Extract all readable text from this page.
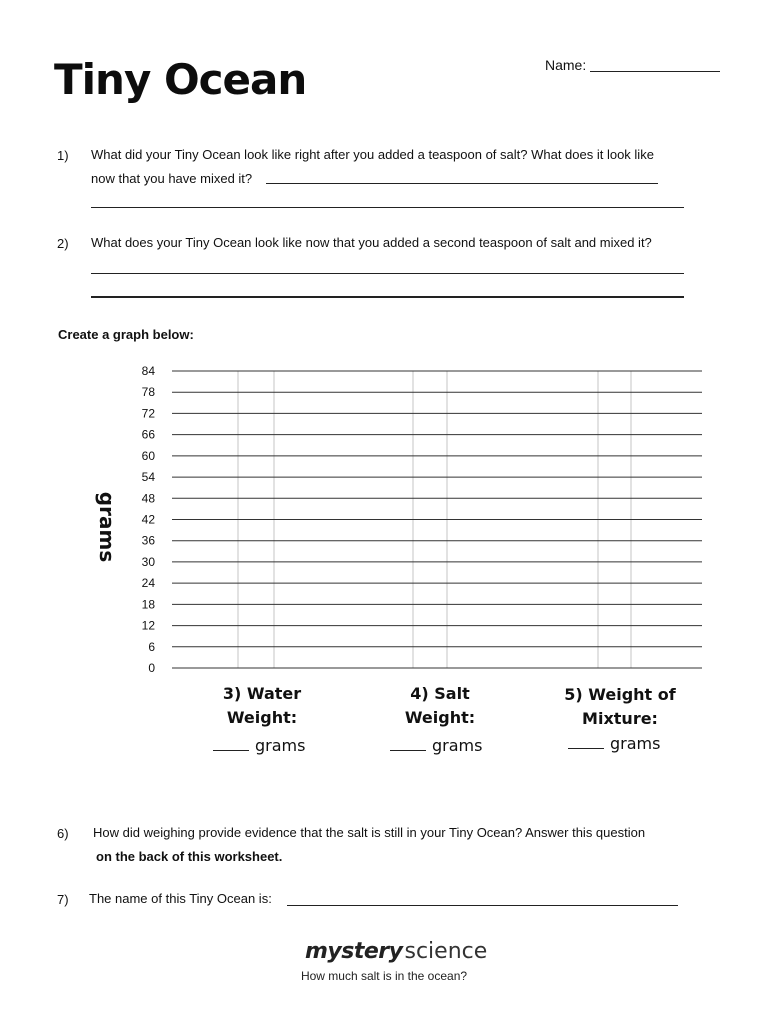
Tiny Ocean	Name:
1) What did your Tiny Ocean look like right after you added a teaspoon of salt? What does it look like
now that you have mixed it?
2) What does your Tiny Ocean look like now that you added a second teaspoon of salt and mixed it?
Create a graph below:
84
78
72
66
60
54
48
42
36
30
24
18
12
6
0
grams
3) Water
Weight:
4) Salt
Weight:
5) Weight of
Mixture:
grams	grams	grams
6) How did weighing provide evidence that the salt is still in your Tiny Ocean? Answer this question
on the back of this worksheet.
7) The name of this Tiny Ocean is:
mysteryscience
How much salt is in the ocean?
